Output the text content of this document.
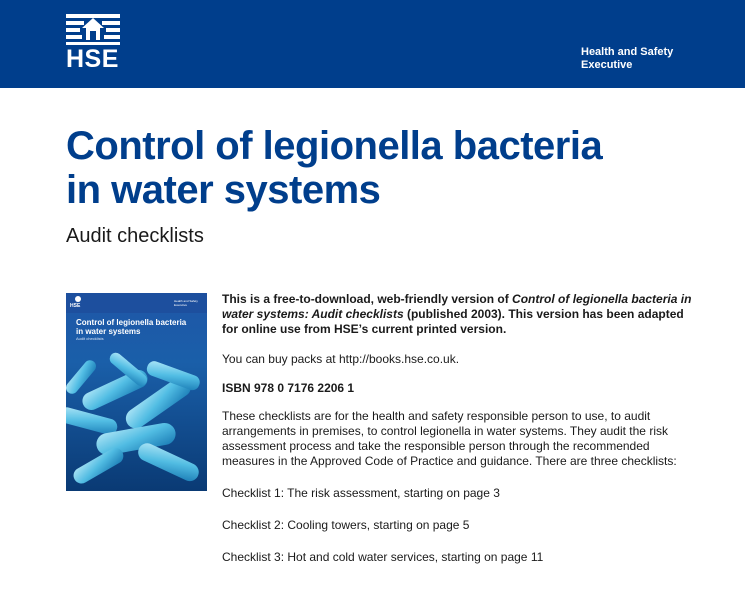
HSE	Health and Safety
Executive
Control of legionella bacteria
in water systems
Audit checklists
HSE
Health and Safety Executive
Control of legionella bacteria
in water systems
Audit checklists

This is a free-to-download, web-friendly version of Control of legionella bacteria in water systems: Audit checklists (published 2003). This version has been adapted for online use from HSE’s current printed version.

You can buy packs at http://books.hse.co.uk.

ISBN 978 0 7176 2206 1

These checklists are for the health and safety responsible person to use, to audit arrangements in premises, to control legionella in water systems. They audit the risk assessment process and take the responsible person through the recommended measures in the Approved Code of Practice and guidance. There are three checklists:

Checklist 1: The risk assessment, starting on page 3

Checklist 2: Cooling towers, starting on page 5

Checklist 3: Hot and cold water services, starting on page 11
